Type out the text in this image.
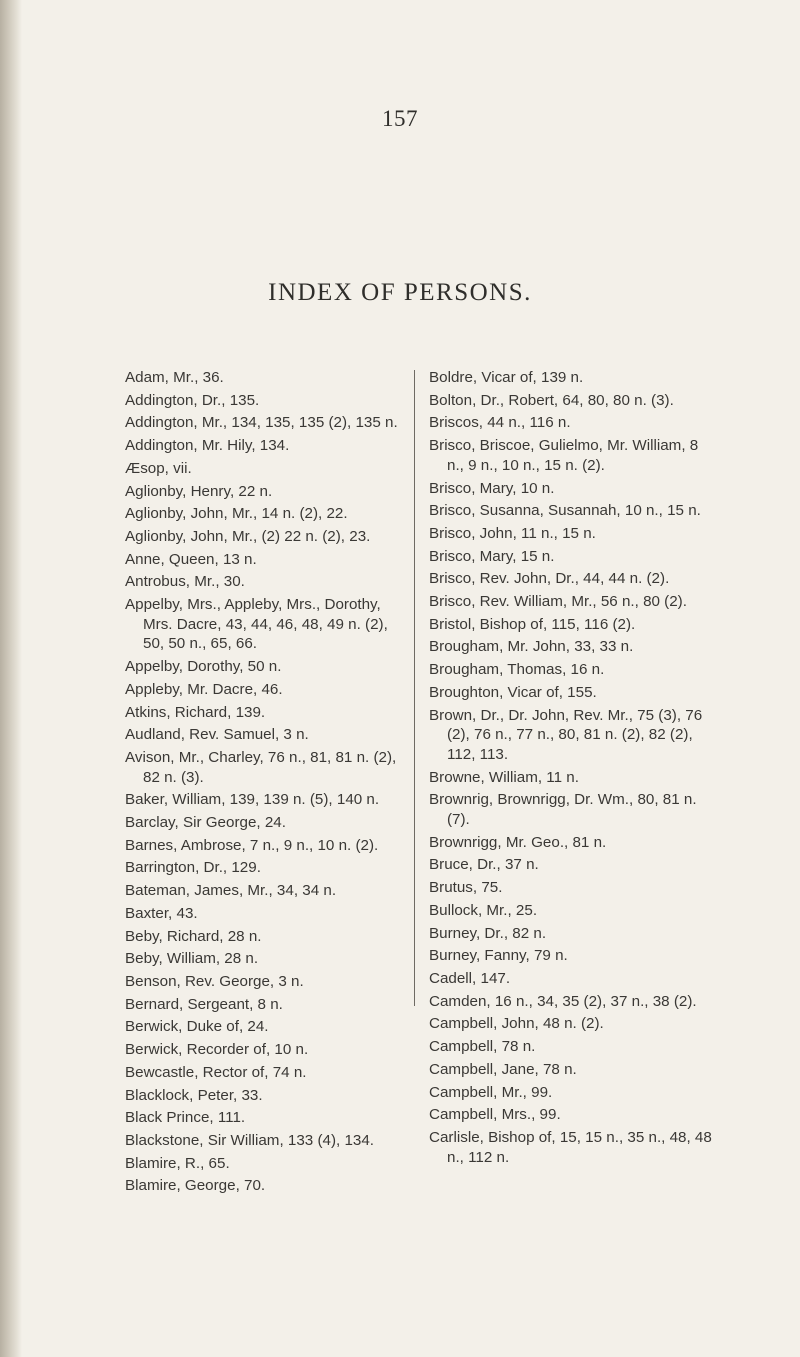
157
INDEX OF PERSONS.

Adam, Mr., 36.

Addington, Dr., 135.

Addington, Mr., 134, 135, 135 (2), 135 n.

Addington, Mr. Hily, 134.

Æsop, vii.

Aglionby, Henry, 22 n.

Aglionby, John, Mr., 14 n. (2), 22.

Aglionby, John, Mr., (2) 22 n. (2), 23.

Anne, Queen, 13 n.

Antrobus, Mr., 30.

Appelby, Mrs., Appleby, Mrs., Dorothy, Mrs. Dacre, 43, 44, 46, 48, 49 n. (2), 50, 50 n., 65, 66.

Appelby, Dorothy, 50 n.

Appleby, Mr. Dacre, 46.

Atkins, Richard, 139.

Audland, Rev. Samuel, 3 n.

Avison, Mr., Charley, 76 n., 81, 81 n. (2), 82 n. (3).

Baker, William, 139, 139 n. (5), 140 n.

Barclay, Sir George, 24.

Barnes, Ambrose, 7 n., 9 n., 10 n. (2).

Barrington, Dr., 129.

Bateman, James, Mr., 34, 34 n.

Baxter, 43.

Beby, Richard, 28 n.

Beby, William, 28 n.

Benson, Rev. George, 3 n.

Bernard, Sergeant, 8 n.

Berwick, Duke of, 24.

Berwick, Recorder of, 10 n.

Bewcastle, Rector of, 74 n.

Blacklock, Peter, 33.

Black Prince, 111.

Blackstone, Sir William, 133 (4), 134.

Blamire, R., 65.

Blamire, George, 70.

Boldre, Vicar of, 139 n.

Bolton, Dr., Robert, 64, 80, 80 n. (3).

Briscos, 44 n., 116 n.

Brisco, Briscoe, Gulielmo, Mr. William, 8 n., 9 n., 10 n., 15 n. (2).

Brisco, Mary, 10 n.

Brisco, Susanna, Susannah, 10 n., 15 n.

Brisco, John, 11 n., 15 n.

Brisco, Mary, 15 n.

Brisco, Rev. John, Dr., 44, 44 n. (2).

Brisco, Rev. William, Mr., 56 n., 80 (2).

Bristol, Bishop of, 115, 116 (2).

Brougham, Mr. John, 33, 33 n.

Brougham, Thomas, 16 n.

Broughton, Vicar of, 155.

Brown, Dr., Dr. John, Rev. Mr., 75 (3), 76 (2), 76 n., 77 n., 80, 81 n. (2), 82 (2), 112, 113.

Browne, William, 11 n.

Brownrig, Brownrigg, Dr. Wm., 80, 81 n. (7).

Brownrigg, Mr. Geo., 81 n.

Bruce, Dr., 37 n.

Brutus, 75.

Bullock, Mr., 25.

Burney, Dr., 82 n.

Burney, Fanny, 79 n.

Cadell, 147.

Camden, 16 n., 34, 35 (2), 37 n., 38 (2).

Campbell, John, 48 n. (2).

Campbell, 78 n.

Campbell, Jane, 78 n.

Campbell, Mr., 99.

Campbell, Mrs., 99.

Carlisle, Bishop of, 15, 15 n., 35 n., 48, 48 n., 112 n.
